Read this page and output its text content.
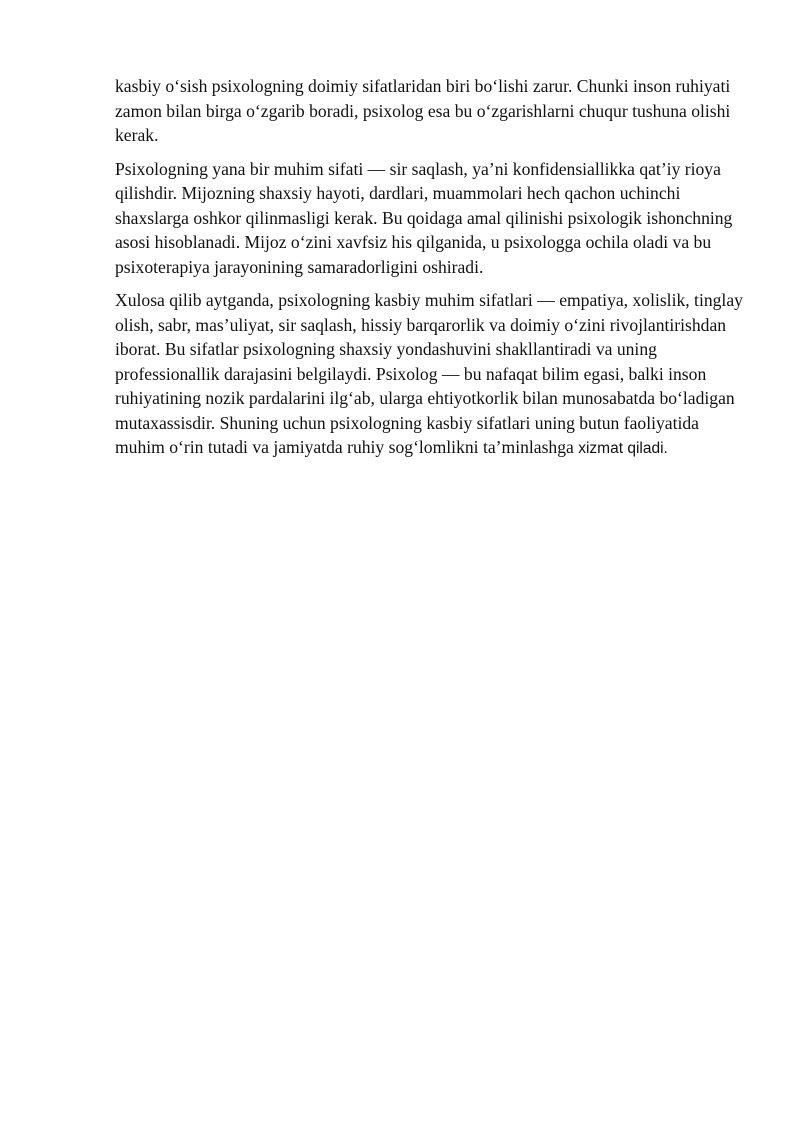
kasbiy o‘sish psixologning doimiy sifatlaridan biri bo‘lishi zarur. Chunki inson ruhiyati zamon bilan birga o‘zgarib boradi, psixolog esa bu o‘zgarishlarni chuqur tushuna olishi kerak.

Psixologning yana bir muhim sifati — sir saqlash, ya’ni konfidensiallikka qat’iy rioya qilishdir. Mijozning shaxsiy hayoti, dardlari, muammolari hech qachon uchinchi shaxslarga oshkor qilinmasligi kerak. Bu qoidaga amal qilinishi psixologik ishonchning asosi hisoblanadi. Mijoz o‘zini xavfsiz his qilganida, u psixologga ochila oladi va bu psixoterapiya jarayonining samaradorligini oshiradi.

Xulosa qilib aytganda, psixologning kasbiy muhim sifatlari — empatiya, xolislik, tinglay olish, sabr, mas’uliyat, sir saqlash, hissiy barqarorlik va doimiy o‘zini rivojlantirishdan iborat. Bu sifatlar psixologning shaxsiy yondashuvini shakllantiradi va uning professionallik darajasini belgilaydi. Psixolog — bu nafaqat bilim egasi, balki inson ruhiyatining nozik pardalarini ilg‘ab, ularga ehtiyotkorlik bilan munosabatda bo‘ladigan mutaxassisdir. Shuning uchun psixologning kasbiy sifatlari uning butun faoliyatida muhim o‘rin tutadi va jamiyatda ruhiy sog‘lomlikni ta’minlashga xizmat qiladi.
